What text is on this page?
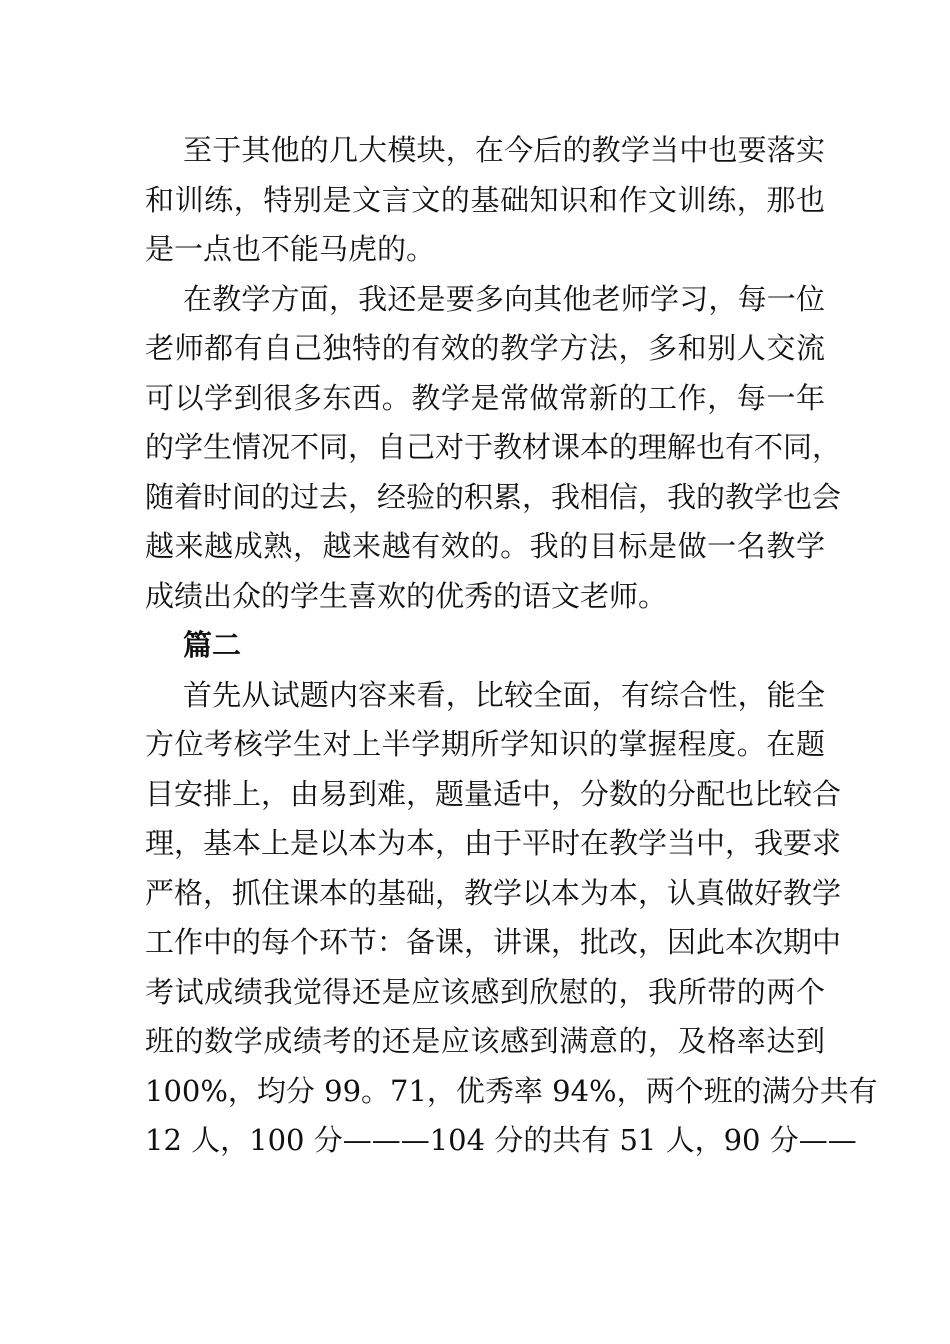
至于其他的几大模块，在今后的教学当中也要落实
和训练，特别是文言文的基础知识和作文训练，那也
是一点也不能马虎的。
在教学方面，我还是要多向其他老师学习，每一位
老师都有自己独特的有效的教学方法，多和别人交流
可以学到很多东西。教学是常做常新的工作，每一年
的学生情况不同，自己对于教材课本的理解也有不同，
随着时间的过去，经验的积累，我相信，我的教学也会
越来越成熟，越来越有效的。我的目标是做一名教学
成绩出众的学生喜欢的优秀的语文老师。
篇二
首先从试题内容来看，比较全面，有综合性，能全
方位考核学生对上半学期所学知识的掌握程度。在题
目安排上，由易到难，题量适中，分数的分配也比较合
理，基本上是以本为本，由于平时在教学当中，我要求
严格，抓住课本的基础，教学以本为本，认真做好教学
工作中的每个环节：备课，讲课，批改，因此本次期中
考试成绩我觉得还是应该感到欣慰的，我所带的两个
班的数学成绩考的还是应该感到满意的，及格率达到
100%，均分 99。71，优秀率 94%，两个班的满分共有
12 人，100 分———104 分的共有 51 人，90 分——
